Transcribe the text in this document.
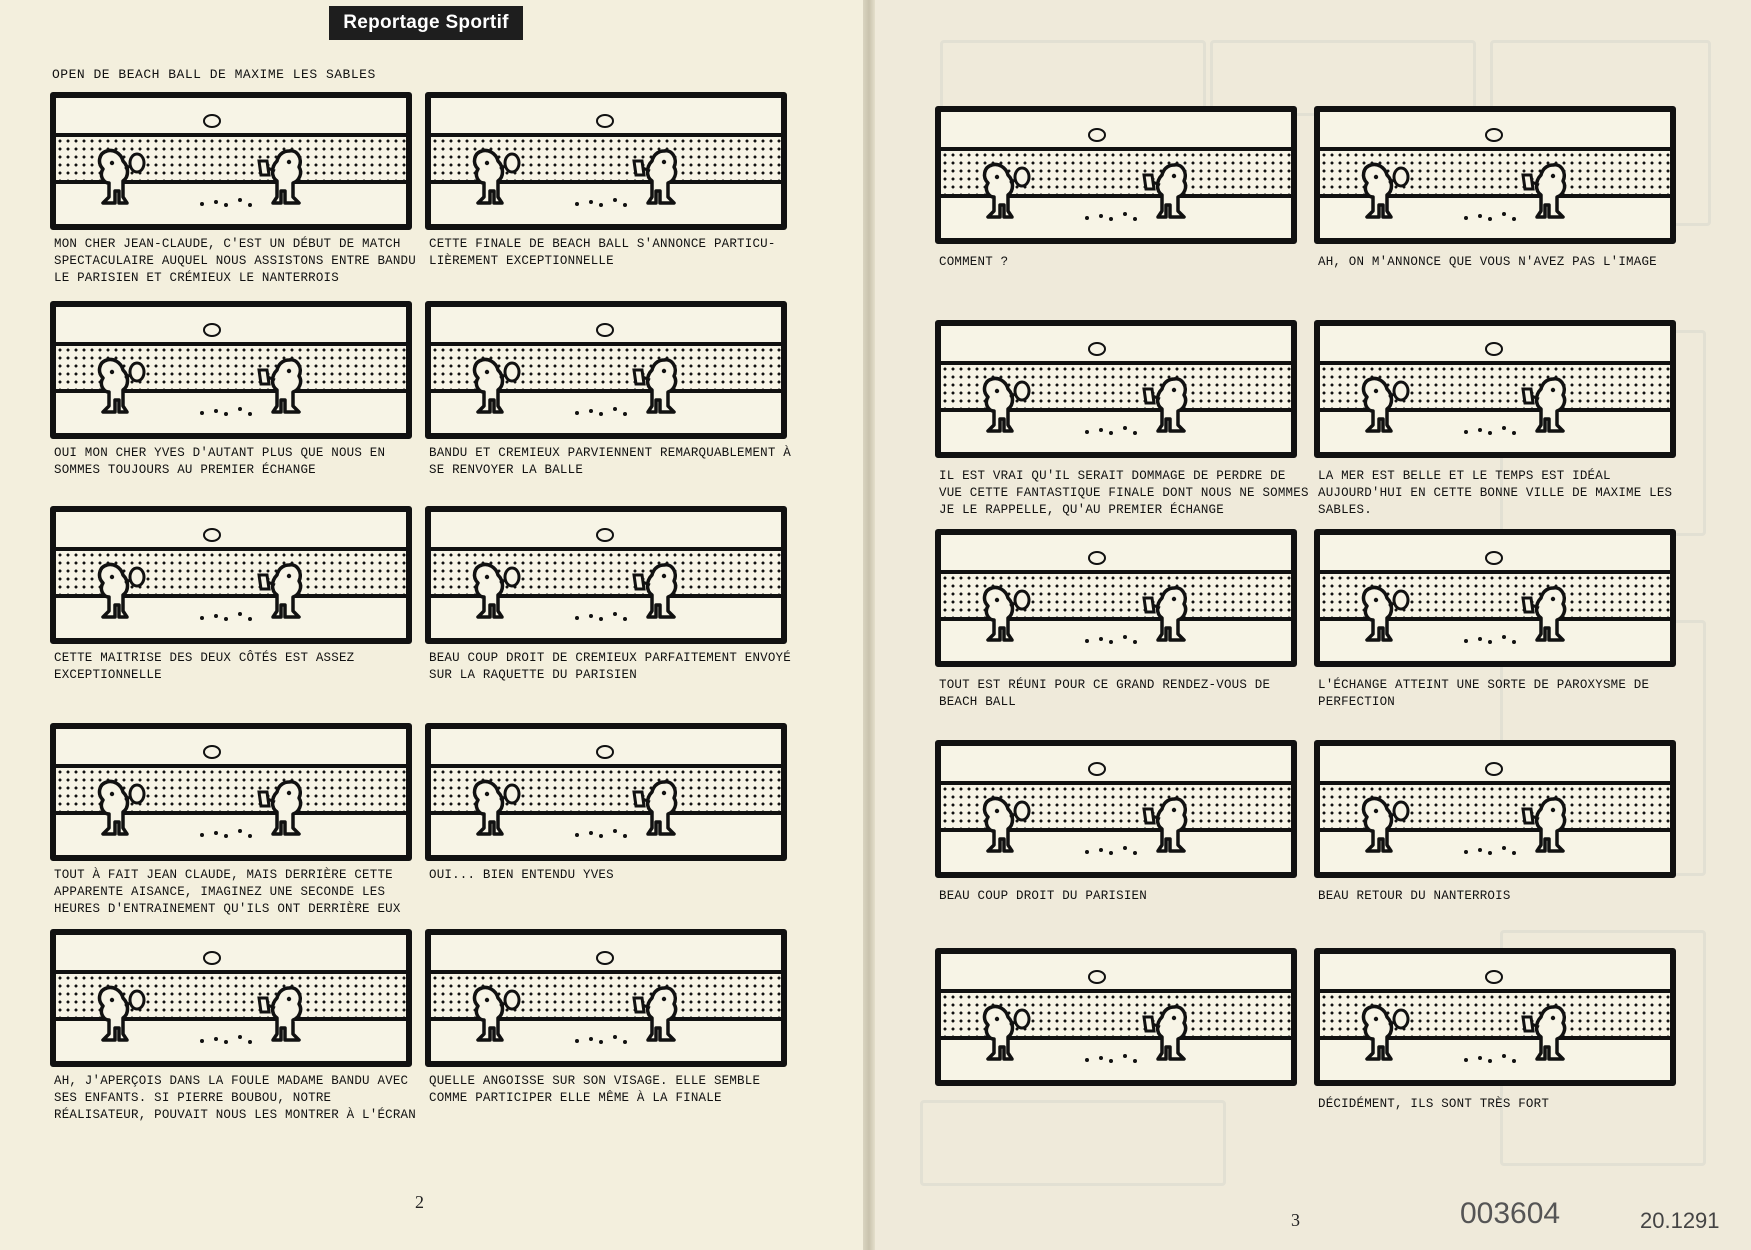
Reportage Sportif
OPEN DE BEACH BALL DE MAXIME LES SABLES
MON CHER JEAN-CLAUDE, C'EST UN DÉBUT DE MATCH SPECTACULAIRE AUQUEL NOUS ASSISTONS ENTRE BANDU LE PARISIEN ET CRÉMIEUX LE NANTERROIS
CETTE FINALE DE BEACH BALL S'ANNONCE PARTICU-LIÈREMENT EXCEPTIONNELLE
OUI MON CHER YVES D'AUTANT PLUS QUE NOUS EN SOMMES TOUJOURS AU PREMIER ÉCHANGE
BANDU ET CREMIEUX PARVIENNENT REMARQUABLEMENT À SE RENVOYER LA BALLE
CETTE MAITRISE DES DEUX CÔTÉS EST ASSEZ EXCEPTIONNELLE
BEAU COUP DROIT DE CREMIEUX PARFAITEMENT ENVOYÉ SUR LA RAQUETTE DU PARISIEN
TOUT À FAIT JEAN CLAUDE, MAIS DERRIÈRE CETTE APPARENTE AISANCE, IMAGINEZ UNE SECONDE LES HEURES D'ENTRAINEMENT QU'ILS ONT DERRIÈRE EUX
OUI... BIEN ENTENDU YVES
AH, J'APERÇOIS DANS LA FOULE MADAME BANDU AVEC SES ENFANTS. SI PIERRE BOUBOU, NOTRE RÉALISATEUR, POUVAIT NOUS LES MONTRER À L'ÉCRAN
QUELLE ANGOISSE SUR SON VISAGE. ELLE SEMBLE COMME PARTICIPER ELLE MÊME À LA FINALE
COMMENT ?	AH, ON M'ANNONCE QUE VOUS N'AVEZ PAS L'IMAGE
IL EST VRAI QU'IL SERAIT DOMMAGE DE PERDRE DE VUE CETTE FANTASTIQUE FINALE DONT NOUS NE SOMMES JE LE RAPPELLE, QU'AU PREMIER ÉCHANGE
LA MER EST BELLE ET LE TEMPS EST IDÉAL AUJOURD'HUI EN CETTE BONNE VILLE DE MAXIME LES SABLES.
TOUT EST RÉUNI POUR CE GRAND RENDEZ-VOUS DE BEACH BALL
L'ÉCHANGE ATTEINT UNE SORTE DE PAROXYSME DE PERFECTION
BEAU COUP DROIT DU PARISIEN	BEAU RETOUR DU NANTERROIS
DÉCIDÉMENT, ILS SONT TRÈS FORT
2
3	003604	20.1291
